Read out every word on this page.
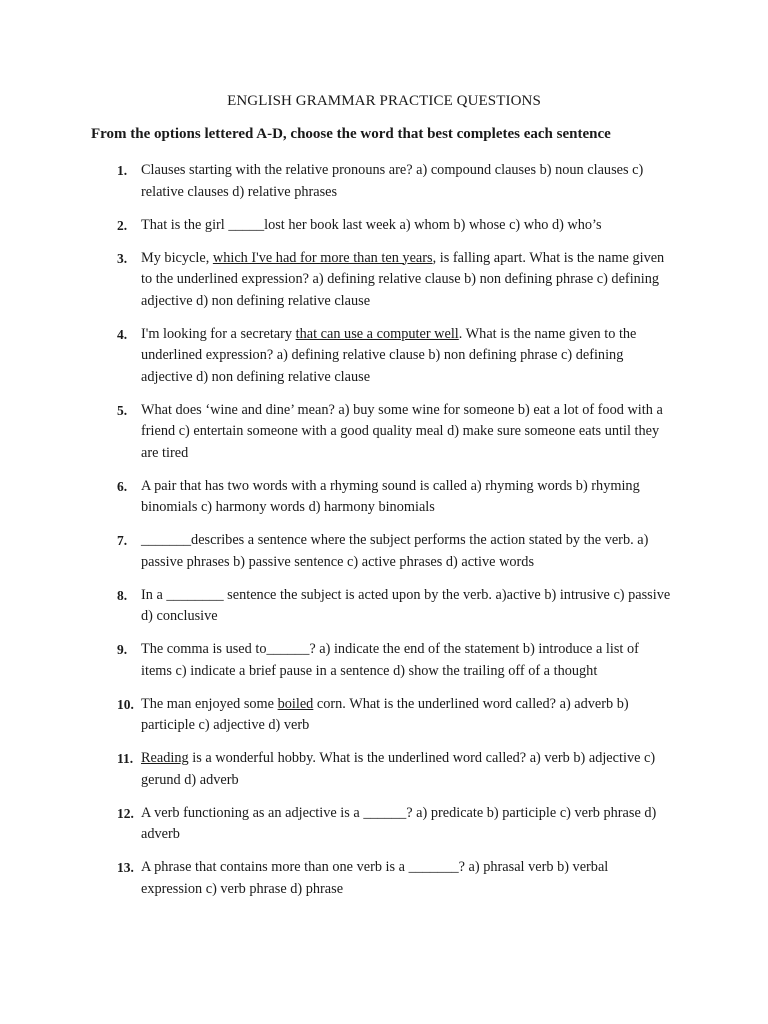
ENGLISH GRAMMAR PRACTICE QUESTIONS
From the options lettered A-D, choose the word that best completes each sentence
1. Clauses starting with the relative pronouns are? a) compound clauses b) noun clauses c) relative clauses d) relative phrases
2. That is the girl _____lost her book last week a) whom b) whose c) who d) who’s
3. My bicycle, which I've had for more than ten years, is falling apart. What is the name given to the underlined expression? a) defining relative clause b) non defining phrase c) defining adjective d) non defining relative clause
4. I'm looking for a secretary that can use a computer well. What is the name given to the underlined expression? a) defining relative clause b) non defining phrase c) defining adjective d) non defining relative clause
5. What does ‘wine and dine’ mean? a) buy some wine for someone b) eat a lot of food with a friend c) entertain someone with a good quality meal d) make sure someone eats until they are tired
6. A pair that has two words with a rhyming sound is called a) rhyming words b) rhyming binomials c) harmony words d) harmony binomials
7. _______describes a sentence where the subject performs the action stated by the verb. a) passive phrases b) passive sentence c) active phrases d) active words
8. In a ________ sentence the subject is acted upon by the verb. a)active b) intrusive c) passive d) conclusive
9. The comma is used to______? a) indicate the end of the statement b) introduce a list of items c) indicate a brief pause in a sentence d) show the trailing off of a thought
10. The man enjoyed some boiled corn. What is the underlined word called? a) adverb b) participle c) adjective d) verb
11. Reading is a wonderful hobby. What is the underlined word called? a) verb b) adjective c) gerund d) adverb
12. A verb functioning as an adjective is a ______? a) predicate b) participle c) verb phrase d) adverb
13. A phrase that contains more than one verb is a _______? a) phrasal verb b) verbal expression c) verb phrase d) phrase
